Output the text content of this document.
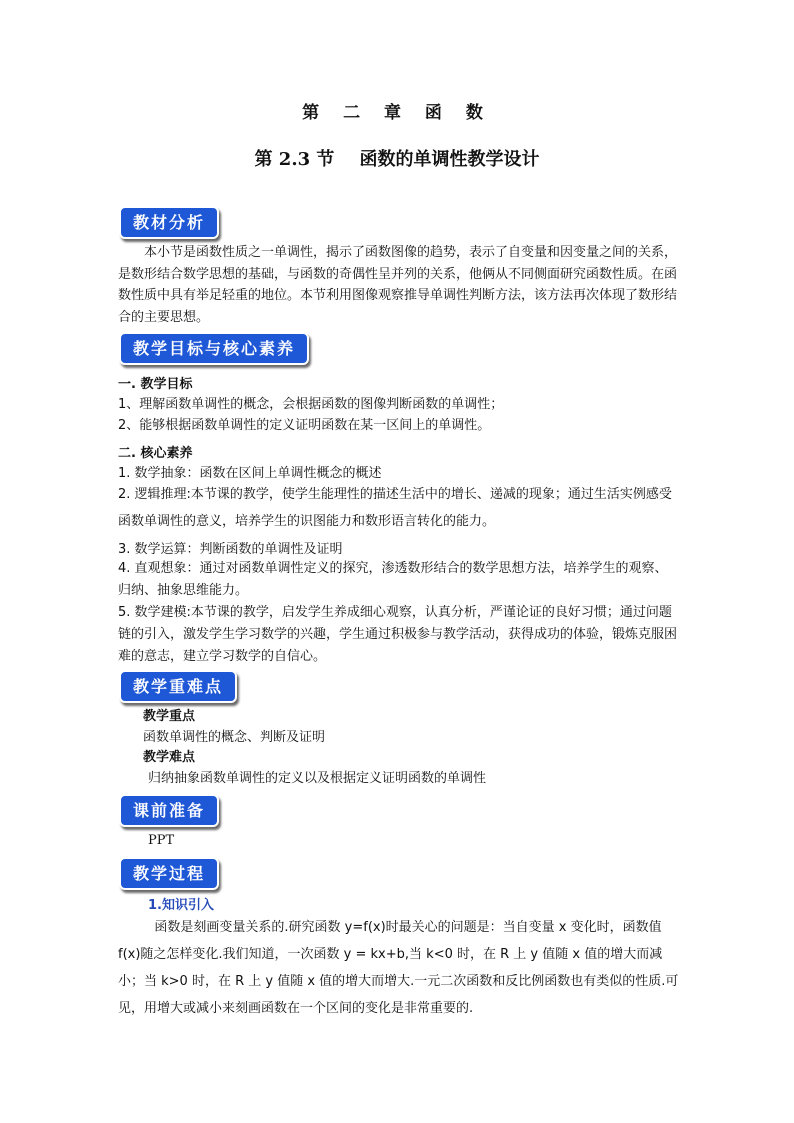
第 二 章 函 数
第 2.3 节    函数的单调性教学设计
教材分析

本小节是函数性质之一单调性，揭示了函数图像的趋势，表示了自变量和因变量之间的关系，是数形结合数学思想的基础，与函数的奇偶性呈并列的关系，他俩从不同侧面研究函数性质。在函数性质中具有举足轻重的地位。本节利用图像观察推导单调性判断方法，该方法再次体现了数形结合的主要思想。

教学目标与核心素养

一. 教学目标

1、理解函数单调性的概念，会根据函数的图像判断函数的单调性；

2、能够根据函数单调性的定义证明函数在某一区间上的单调性。

二. 核心素养

1. 数学抽象：函数在区间上单调性概念的概述

2. 逻辑推理:本节课的教学，使学生能理性的描述生活中的增长、递减的现象；通过生活实例感受函数单调性的意义，培养学生的识图能力和数形语言转化的能力。

3. 数学运算：判断函数的单调性及证明

4. 直观想象：通过对函数单调性定义的探究，渗透数形结合的数学思想方法，培养学生的观察、归纳、抽象思维能力。

5. 数学建模:本节课的教学，启发学生养成细心观察，认真分析，严谨论证的良好习惯；通过问题链的引入，激发学生学习数学的兴趣，学生通过积极参与教学活动，获得成功的体验，锻炼克服困难的意志，建立学习数学的自信心。

教学重难点

教学重点

函数单调性的概念、判断及证明

教学难点

归纳抽象函数单调性的定义以及根据定义证明函数的单调性

课前准备

PPT

教学过程

1.知识引入

函数是刻画变量关系的.研究函数 y=f(x)时最关心的问题是：当自变量 x 变化时，函数值 f(x)随之怎样变化.我们知道，一次函数 y = kx+b,当 k<0 时，在 R 上 y 值随 x 值的增大而减小；当 k>0 时，在 R 上 y 值随 x 值的增大而增大.一元二次函数和反比例函数也有类似的性质.可见，用增大或减小来刻画函数在一个区间的变化是非常重要的.
